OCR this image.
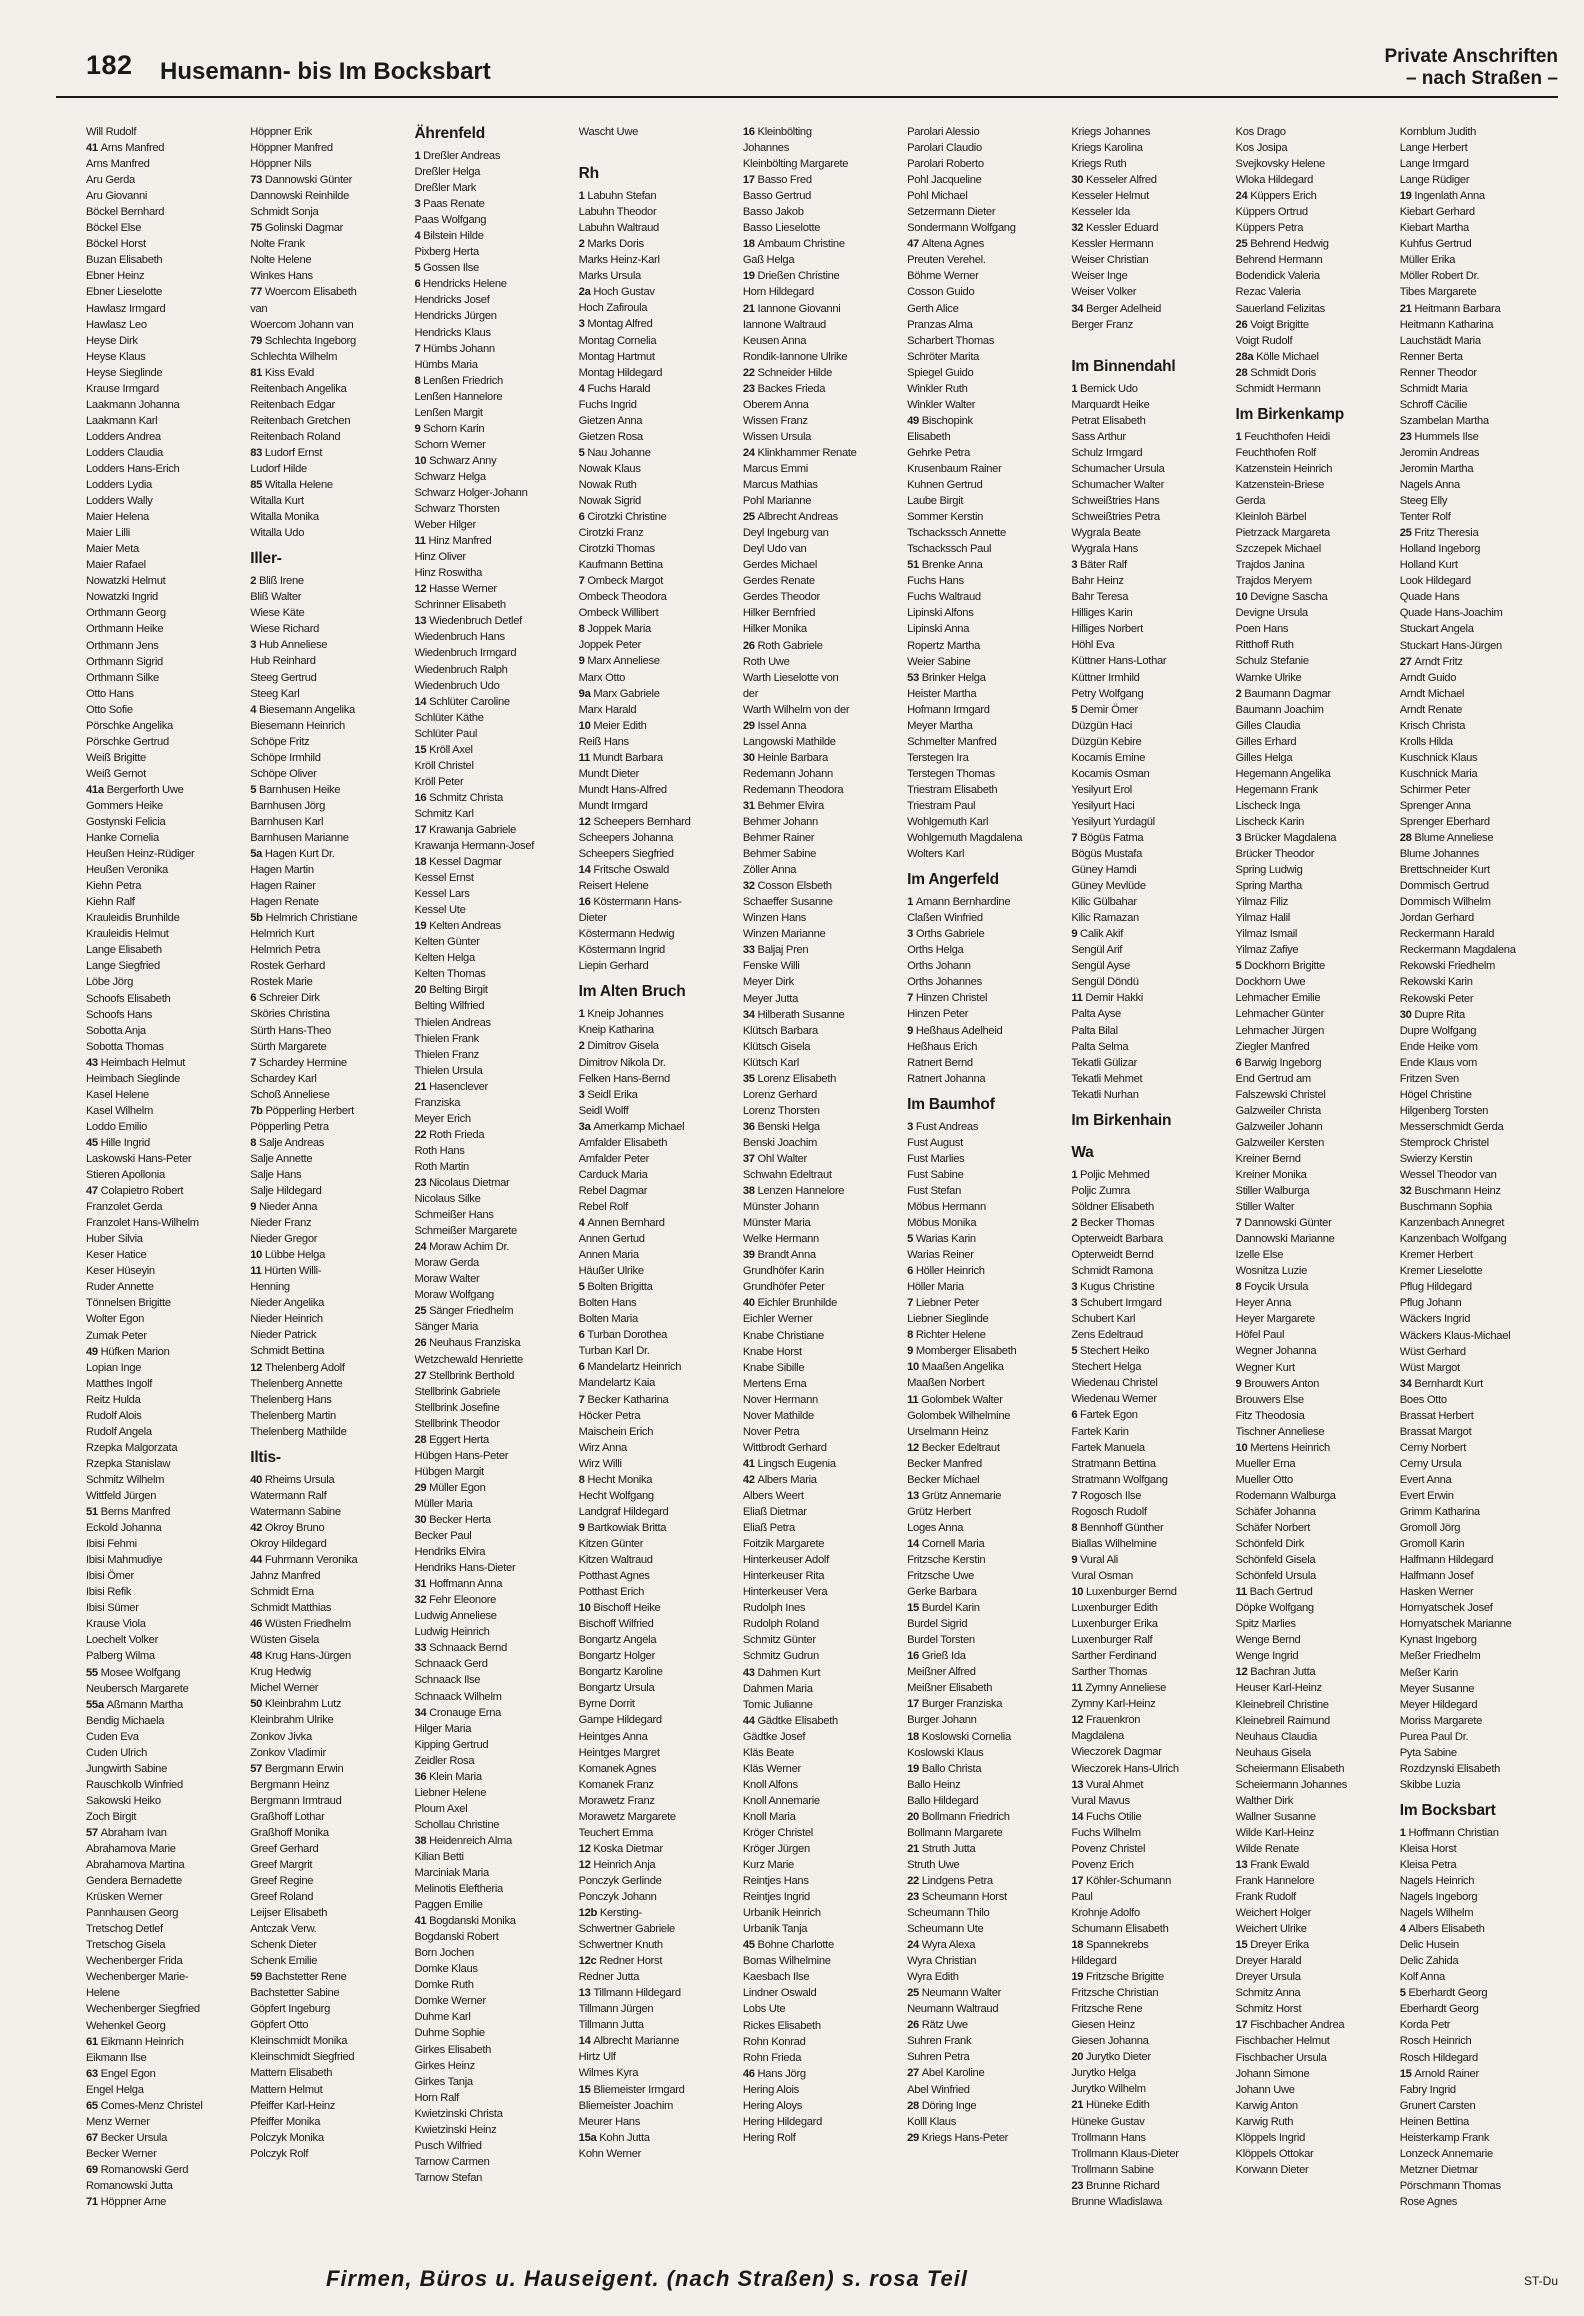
182 Husemann- bis Im Bocksbart
Private Anschriften
– nach Straßen –
Will Rudolf
41 Arns Manfred
Arns Manfred
Aru Gerda
Aru Giovanni
Böckel Bernhard
Böckel Else
Böckel Horst
Buzan Elisabeth
Ebner Heinz
Ebner Lieselotte
Hawlasz Irmgard
Hawlasz Leo
Heyse Dirk
Heyse Klaus
Heyse Sieglinde
Krause Irmgard
Laakmann Johanna
Laakmann Karl
Lodders Andrea
Lodders Claudia
Lodders Hans-Erich
Lodders Lydia
Lodders Wally
Maier Helena
Maier Lilli
Maier Meta
Maier Rafael
Nowatzki Helmut
Nowatzki Ingrid
Orthmann Georg
Orthmann Heike
Orthmann Jens
Orthmann Sigrid
Orthmann Silke
Otto Hans
Otto Sofie
Pörschke Angelika
Pörschke Gertrud
Weiß Brigitte
Weiß Gernot
41a Bergerforth Uwe
Gommers Heike
Gostynski Felicia
Hanke Cornelia
Heußen Heinz-Rüdiger
Heußen Veronika
Kiehn Petra
Kiehn Ralf
Krauleidis Brunhilde
Krauleidis Helmut
Lange Elisabeth
Lange Siegfried
Löbe Jörg
Schoofs Elisabeth
Schoofs Hans
Sobotta Anja
Sobotta Thomas
43 Heimbach Helmut
Heimbach Sieglinde
Kasel Helene
Kasel Wilhelm
Loddo Emilio
45 Hille Ingrid
Laskowski Hans-Peter
Stieren Apollonia
47 Colapietro Robert
Franzolet Gerda
Franzolet Hans-Wilhelm
Huber Silvia
Keser Hatice
Keser Hüseyin
Ruder Annette
Tönnelsen Brigitte
Wolter Egon
Zumak Peter
49 Hüfken Marion
Lopian Inge
Matthes Ingolf
Reitz Hulda
Rudolf Alois
Rudolf Angela
Rzepka Malgorzata
Rzepka Stanislaw
Schmitz Wilhelm
Wittfeld Jürgen
51 Berns Manfred
Eckold Johanna
Ibisi Fehmi
Ibisi Mahmudiye
Ibisi Ömer
Ibisi Refik
Ibisi Sümer
Krause Viola
Loechelt Volker
Palberg Wilma
55 Mosee Wolfgang
Neubersch Margarete
55a Aßmann Martha
Bendig Michaela
Cuden Eva
Cuden Ulrich
Jungwirth Sabine
Rauschkolb Winfried
Sakowski Heiko
Zoch Birgit
57 Abraham Ivan
Abrahamova Marie
Abrahamova Martina
Gendera Bernadette
Krüsken Werner
Pannhausen Georg
Tretschog Detlef
Tretschog Gisela
Wechenberger Frida
Wechenberger Marie-
Helene
Wechenberger Siegfried
Wehenkel Georg
61 Eikmann Heinrich
Eikmann Ilse
63 Engel Egon
Engel Helga
65 Comes-Menz Christel
Menz Werner
67 Becker Ursula
Becker Werner
69 Romanowski Gerd
Romanowski Jutta
71 Höppner Arne
Höppner Erik
Höppner Manfred
Höppner Nils
73 Dannowski Günter
Dannowski Reinhilde
Schmidt Sonja
75 Golinski Dagmar
Nolte Frank
Nolte Helene
Winkes Hans
77 Woercom Elisabeth
van
Woercom Johann van
79 Schlechta Ingeborg
Schlechta Wilhelm
81 Kiss Evald
Reitenbach Angelika
Reitenbach Edgar
Reitenbach Gretchen
Reitenbach Roland
83 Ludorf Ernst
Ludorf Hilde
85 Witalla Helene
Witalla Kurt
Witalla Monika
Witalla Udo
Iller-
2 Bliß Irene
Bliß Walter
Wiese Käte
Wiese Richard
3 Hub Anneliese
Hub Reinhard
Steeg Gertrud
Steeg Karl
4 Biesemann Angelika
Biesemann Heinrich
Schöpe Fritz
Schöpe Irmhild
Schöpe Oliver
5 Barnhusen Heike
Barnhusen Jörg
Barnhusen Karl
Barnhusen Marianne
5a Hagen Kurt Dr.
Hagen Martin
Hagen Rainer
Hagen Renate
5b Helmrich Christiane
Helmrich Kurt
Helmrich Petra
Rostek Gerhard
Rostek Marie
6 Schreier Dirk
Sköries Christina
Sürth Hans-Theo
Sürth Margarete
7 Schardey Hermine
Schardey Karl
Schoß Anneliese
7b Pöpperling Herbert
Pöpperling Petra
8 Salje Andreas
Salje Annette
Salje Hans
Salje Hildegard
9 Nieder Anna
Nieder Franz
Nieder Gregor
10 Lübbe Helga
11 Hürten Willi-
Henning
Nieder Angelika
Nieder Heinrich
Nieder Patrick
Schmidt Bettina
12 Thelenberg Adolf
Thelenberg Annette
Thelenberg Hans
Thelenberg Martin
Thelenberg Mathilde
Iltis-
40 Rheims Ursula
Watermann Ralf
Watermann Sabine
42 Okroy Bruno
Okroy Hildegard
44 Fuhrmann Veronika
Jahnz Manfred
Schmidt Erna
Schmidt Matthias
46 Wüsten Friedhelm
Wüsten Gisela
48 Krug Hans-Jürgen
Krug Hedwig
Michel Werner
50 Kleinbrahm Lutz
Kleinbrahm Ulrike
Zonkov Jivka
Zonkov Vladimir
57 Bergmann Erwin
Bergmann Heinz
Bergmann Irmtraud
Graßhoff Lothar
Graßhoff Monika
Greef Gerhard
Greef Margrit
Greef Regine
Greef Roland
Leijser Elisabeth
Antczak Verw.
Schenk Dieter
Schenk Emilie
59 Bachstetter Rene
Bachstetter Sabine
Göpfert Ingeburg
Göpfert Otto
Kleinschmidt Monika
Kleinschmidt Siegfried
Mattern Elisabeth
Mattern Helmut
Pfeiffer Karl-Heinz
Pfeiffer Monika
Polczyk Monika
Polczyk Rolf
Ährenfeld
1 Dreßler Andreas
Dreßler Helga
Dreßler Mark
3 Paas Renate
Paas Wolfgang
4 Bilstein Hilde
Pixberg Herta
5 Gossen Ilse
6 Hendricks Helene
Hendricks Josef
Hendricks Jürgen
Hendricks Klaus
7 Hümbs Johann
Hümbs Maria
8 Lenßen Friedrich
Lenßen Hannelore
Lenßen Margit
9 Schorn Karin
Schorn Werner
10 Schwarz Anny
Schwarz Helga
Schwarz Holger-Johann
Schwarz Thorsten
Weber Hilger
11 Hinz Manfred
Hinz Oliver
Hinz Roswitha
12 Hasse Werner
Schrinner Elisabeth
13 Wiedenbruch Detlef
Wiedenbruch Hans
Wiedenbruch Irmgard
Wiedenbruch Ralph
Wiedenbruch Udo
14 Schlüter Caroline
Schlüter Käthe
Schlüter Paul
15 Kröll Axel
Kröll Christel
Kröll Peter
16 Schmitz Christa
Schmitz Karl
17 Krawanja Gabriele
Krawanja Hermann-Josef
18 Kessel Dagmar
Kessel Ernst
Kessel Lars
Kessel Ute
19 Kelten Andreas
Kelten Günter
Kelten Helga
Kelten Thomas
20 Belting Birgit
Belting Wilfried
Thielen Andreas
Thielen Frank
Thielen Franz
Thielen Ursula
21 Hasenclever
Franziska
Meyer Erich
22 Roth Frieda
Roth Hans
Roth Martin
23 Nicolaus Dietmar
Nicolaus Silke
Schmeißer Hans
Schmeißer Margarete
24 Moraw Achim Dr.
Moraw Gerda
Moraw Walter
Moraw Wolfgang
25 Sänger Friedhelm
Sänger Maria
26 Neuhaus Franziska
Wetzchewald Henriette
27 Stellbrink Berthold
Stellbrink Gabriele
Stellbrink Josefine
Stellbrink Theodor
28 Eggert Herta
Hübgen Hans-Peter
Hübgen Margit
29 Müller Egon
Müller Maria
30 Becker Herta
Becker Paul
Hendriks Elvira
Hendriks Hans-Dieter
31 Hoffmann Anna
32 Fehr Eleonore
Ludwig Anneliese
Ludwig Heinrich
33 Schnaack Bernd
Schnaack Gerd
Schnaack Ilse
Schnaack Wilhelm
34 Cronauge Erna
Hilger Maria
Kipping Gertrud
Zeidler Rosa
36 Klein Maria
Liebner Helene
Ploum Axel
Schollau Christine
38 Heidenreich Alma
Kilian Betti
Marciniak Maria
Melinotis Eleftheria
Paggen Emilie
41 Bogdanski Monika
Bogdanski Robert
Born Jochen
Domke Klaus
Domke Ruth
Domke Werner
Duhme Karl
Duhme Sophie
Girkes Elisabeth
Girkes Heinz
Girkes Tanja
Horn Ralf
Kwietzinski Christa
Kwietzinski Heinz
Pusch Wilfried
Tarnow Carmen
Tarnow Stefan
Wascht Uwe

Rh
1 Labuhn Stefan
Labuhn Theodor
Labuhn Waltraud
2 Marks Doris
Marks Heinz-Karl
Marks Ursula
2a Hoch Gustav
Hoch Zafiroula
3 Montag Alfred
Montag Cornelia
Montag Hartmut
Montag Hildegard
4 Fuchs Harald
Fuchs Ingrid
Gietzen Anna
Gietzen Rosa
5 Nau Johanne
Nowak Klaus
Nowak Ruth
Nowak Sigrid
6 Cirotzki Christine
Cirotzki Franz
Cirotzki Thomas
Kaufmann Bettina
7 Ombeck Margot
Ombeck Theodora
Ombeck Willibert
8 Joppek Maria
Joppek Peter
9 Marx Anneliese
Marx Otto
9a Marx Gabriele
Marx Harald
10 Meier Edith
Reiß Hans
11 Mundt Barbara
Mundt Dieter
Mundt Hans-Alfred
Mundt Irmgard
12 Scheepers Bernhard
Scheepers Johanna
Scheepers Siegfried
14 Fritsche Oswald
Reisert Helene
16 Köstermann Hans-
Dieter
Köstermann Hedwig
Köstermann Ingrid
Liepin Gerhard
Im Alten Bruch
1 Kneip Johannes
Kneip Katharina
2 Dimitrov Gisela
Dimitrov Nikola Dr.
Felken Hans-Bernd
3 Seidl Erika
Seidl Wolff
3a Amerkamp Michael
Amfalder Elisabeth
Amfalder Peter
Carduck Maria
Rebel Dagmar
Rebel Rolf
4 Annen Bernhard
Annen Gertud
Annen Maria
Häußer Ulrike
5 Bolten Brigitta
Bolten Hans
Bolten Maria
6 Turban Dorothea
Turban Karl Dr.
6 Mandelartz Heinrich
Mandelartz Kaia
7 Becker Katharina
Höcker Petra
Maischein Erich
Wirz Anna
Wirz Willi
8 Hecht Monika
Hecht Wolfgang
Landgraf Hildegard
9 Bartkowiak Britta
Kitzen Günter
Kitzen Waltraud
Potthast Agnes
Potthast Erich
10 Bischoff Heike
Bischoff Wilfried
Bongartz Angela
Bongartz Holger
Bongartz Karoline
Bongartz Ursula
Byrne Dorrit
Gampe Hildegard
Heintges Anna
Heintges Margret
Komanek Agnes
Komanek Franz
Morawetz Franz
Morawetz Margarete
Teuchert Emma
12 Koska Dietmar
12 Heinrich Anja
Ponczyk Gerlinde
Ponczyk Johann
12b Kersting-
Schwertner Gabriele
Schwertner Knuth
12c Redner Horst
Redner Jutta
13 Tillmann Hildegard
Tillmann Jürgen
Tillmann Jutta
14 Albrecht Marianne
Hirtz Ulf
Wilmes Kyra
15 Bliemeister Irmgard
Bliemeister Joachim
Meurer Hans
15a Kohn Jutta
Kohn Werner
16 Kleinbölting
Johannes
Kleinbölting Margarete
17 Basso Fred
Basso Gertrud
Basso Jakob
Basso Lieselotte
18 Ambaum Christine
Gaß Helga
19 Drießen Christine
Horn Hildegard
21 Iannone Giovanni
Iannone Waltraud
Keusen Anna
Rondik-Iannone Ulrike
22 Schneider Hilde
23 Backes Frieda
Oberem Anna
Wissen Franz
Wissen Ursula
24 Klinkhammer Renate
Marcus Emmi
Marcus Mathias
Pohl Marianne
25 Albrecht Andreas
Deyl Ingeburg van
Deyl Udo van
Gerdes Michael
Gerdes Renate
Gerdes Theodor
Hilker Bernfried
Hilker Monika
26 Roth Gabriele
Roth Uwe
Warth Lieselotte von
der
Warth Wilhelm von der
29 Issel Anna
Langowski Mathilde
30 Heinle Barbara
Redemann Johann
Redemann Theodora
31 Behmer Elvira
Behmer Johann
Behmer Rainer
Behmer Sabine
Zöller Anna
32 Cosson Elsbeth
Schaeffer Susanne
Winzen Hans
Winzen Marianne
33 Baljaj Pren
Fenske Willi
Meyer Dirk
Meyer Jutta
34 Hilberath Susanne
Klütsch Barbara
Klütsch Gisela
Klütsch Karl
35 Lorenz Elisabeth
Lorenz Gerhard
Lorenz Thorsten
36 Benski Helga
Benski Joachim
37 Ohl Walter
Schwahn Edeltraut
38 Lenzen Hannelore
Münster Johann
Münster Maria
Welke Hermann
39 Brandt Anna
Grundhöfer Karin
Grundhöfer Peter
40 Eichler Brunhilde
Eichler Werner
Knabe Christiane
Knabe Horst
Knabe Sibille
Mertens Erna
Nover Hermann
Nover Mathilde
Nover Petra
Wittbrodt Gerhard
41 Lingsch Eugenia
42 Albers Maria
Albers Weert
Eliaß Dietmar
Eliaß Petra
Foitzik Margarete
Hinterkeuser Adolf
Hinterkeuser Rita
Hinterkeuser Vera
Rudolph Ines
Rudolph Roland
Schmitz Günter
Schmitz Gudrun
43 Dahmen Kurt
Dahmen Maria
Tomic Julianne
44 Gädtke Elisabeth
Gädtke Josef
Kläs Beate
Kläs Werner
Knoll Alfons
Knoll Annemarie
Knoll Maria
Kröger Christel
Kröger Jürgen
Kurz Marie
Reintjes Hans
Reintjes Ingrid
Urbanik Heinrich
Urbanik Tanja
45 Bohne Charlotte
Bomas Wilhelmine
Kaesbach Ilse
Lindner Oswald
Lobs Ute
Rickes Elisabeth
Rohn Konrad
Rohn Frieda
46 Hans Jörg
Hering Alois
Hering Aloys
Hering Hildegard
Hering Rolf
Parolari Alessio
Parolari Claudio
Parolari Roberto
Pohl Jacqueline
Pohl Michael
Setzermann Dieter
Sondermann Wolfgang
47 Altena Agnes
Preuten Verehel.
Böhme Werner
Cosson Guido
Gerth Alice
Pranzas Alma
Scharbert Thomas
Schröter Marita
Spiegel Guido
Winkler Ruth
Winkler Walter
49 Bischopink
Elisabeth
Gehrke Petra
Krusenbaum Rainer
Kuhnen Gertrud
Laube Birgit
Sommer Kerstin
Tschackssch Annette
Tschackssch Paul
51 Brenke Anna
Fuchs Hans
Fuchs Waltraud
Lipinski Alfons
Lipinski Anna
Ropertz Martha
Weier Sabine
53 Brinker Helga
Heister Martha
Hofmann Irmgard
Meyer Martha
Schmelter Manfred
Terstegen Ira
Terstegen Thomas
Triestram Elisabeth
Triestram Paul
Wohlgemuth Karl
Wohlgemuth Magdalena
Wolters Karl
Im Angerfeld
1 Amann Bernhardine
Claßen Winfried
3 Orths Gabriele
Orths Helga
Orths Johann
Orths Johannes
7 Hinzen Christel
Hinzen Peter
9 Heßhaus Adelheid
Heßhaus Erich
Ratnert Bernd
Ratnert Johanna
Im Baumhof
3 Fust Andreas
Fust August
Fust Marlies
Fust Sabine
Fust Stefan
Möbus Hermann
Möbus Monika
5 Warias Karin
Warias Reiner
6 Höller Heinrich
Höller Maria
7 Liebner Peter
Liebner Sieglinde
8 Richter Helene
9 Momberger Elisabeth
10 Maaßen Angelika
Maaßen Norbert
11 Golombek Walter
Golombek Wilhelmine
Urselmann Heinz
12 Becker Edeltraut
Becker Manfred
Becker Michael
13 Grütz Annemarie
Grütz Herbert
Loges Anna
14 Cornell Maria
Fritzsche Kerstin
Fritzsche Uwe
Gerke Barbara
15 Burdel Karin
Burdel Sigrid
Burdel Torsten
16 Grieß Ida
Meißner Alfred
Meißner Elisabeth
17 Burger Franziska
Burger Johann
18 Koslowski Cornelia
Koslowski Klaus
19 Ballo Christa
Ballo Heinz
Ballo Hildegard
20 Bollmann Friedrich
Bollmann Margarete
21 Struth Jutta
Struth Uwe
22 Lindgens Petra
23 Scheumann Horst
Scheumann Thilo
Scheumann Ute
24 Wyra Alexa
Wyra Christian
Wyra Edith
25 Neumann Walter
Neumann Waltraud
26 Rätz Uwe
Suhren Frank
Suhren Petra
27 Abel Karoline
Abel Winfried
28 Döring Inge
Kolll Klaus
29 Kriegs Hans-Peter
Kriegs Johannes
Kriegs Karolina
Kriegs Ruth
30 Kesseler Alfred
Kesseler Helmut
Kesseler Ida
32 Kessler Eduard
Kessler Hermann
Weiser Christian
Weiser Inge
Weiser Volker
34 Berger Adelheid
Berger Franz

Im Binnendahl
1 Bernick Udo
Marquardt Heike
Petrat Elisabeth
Sass Arthur
Schulz Irmgard
Schumacher Ursula
Schumacher Walter
Schweißtries Hans
Schweißtries Petra
Wygrala Beate
Wygrala Hans
3 Bäter Ralf
Bahr Heinz
Bahr Teresa
Hilliges Karin
Hilliges Norbert
Höhl Eva
Küttner Hans-Lothar
Küttner Irmhild
Petry Wolfgang
5 Demir Ömer
Düzgün Haci
Düzgün Kebire
Kocamis Emine
Kocamis Osman
Yesilyurt Erol
Yesilyurt Haci
Yesilyurt Yurdagül
7 Bögüs Fatma
Bögüs Mustafa
Güney Hamdi
Güney Mevlüde
Kilic Gülbahar
Kilic Ramazan
9 Calik Akif
Sengül Arif
Sengül Ayse
Sengül Döndü
11 Demir Hakki
Palta Ayse
Palta Bilal
Palta Selma
Tekatli Gülizar
Tekatli Mehmet
Tekatli Nurhan
Im Birkenhain
Wa
1 Poljic Mehmed
Poljic Zumra
Söldner Elisabeth
2 Becker Thomas
Opterweidt Barbara
Opterweidt Bernd
Schmidt Ramona
3 Kugus Christine
3 Schubert Irmgard
Schubert Karl
Zens Edeltraud
5 Stechert Heiko
Stechert Helga
Wiedenau Christel
Wiedenau Werner
6 Fartek Egon
Fartek Karin
Fartek Manuela
Stratmann Bettina
Stratmann Wolfgang
7 Rogosch Ilse
Rogosch Rudolf
8 Bennhoff Günther
Biallas Wilhelmine
9 Vural Ali
Vural Osman
10 Luxenburger Bernd
Luxenburger Edith
Luxenburger Erika
Luxenburger Ralf
Sarther Ferdinand
Sarther Thomas
11 Zymny Anneliese
Zymny Karl-Heinz
12 Frauenkron
Magdalena
Wieczorek Dagmar
Wieczorek Hans-Ulrich
13 Vural Ahmet
Vural Mavus
14 Fuchs Otilie
Fuchs Wilhelm
Povenz Christel
Povenz Erich
17 Köhler-Schumann
Paul
Krohnje Adolfo
Schumann Elisabeth
18 Spannekrebs
Hildegard
19 Fritzsche Brigitte
Fritzsche Christian
Fritzsche Rene
Giesen Heinz
Giesen Johanna
20 Jurytko Dieter
Jurytko Helga
Jurytko Wilhelm
21 Hüneke Edith
Hüneke Gustav
Trollmann Hans
Trollmann Klaus-Dieter
Trollmann Sabine
23 Brunne Richard
Brunne Wladislawa
Kos Drago
Kos Josipa
Svejkovsky Helene
Wloka Hildegard
24 Küppers Erich
Küppers Ortrud
Küppers Petra
25 Behrend Hedwig
Behrend Hermann
Bodendick Valeria
Rezac Valeria
Sauerland Felizitas
26 Voigt Brigitte
Voigt Rudolf
28a Kölle Michael
28 Schmidt Doris
Schmidt Hermann
Im Birkenkamp
1 Feuchthofen Heidi
Feuchthofen Rolf
Katzenstein Heinrich
Katzenstein-Briese
Gerda
Kleinloh Bärbel
Pietrzack Margareta
Szczepek Michael
Trajdos Janina
Trajdos Meryem
10 Devigne Sascha
Devigne Ursula
Poen Hans
Ritthoff Ruth
Schulz Stefanie
Warnke Ulrike
2 Baumann Dagmar
Baumann Joachim
Gilles Claudia
Gilles Erhard
Gilles Helga
Hegemann Angelika
Hegemann Frank
Lischeck Inga
Lischeck Karin
3 Brücker Magdalena
Brücker Theodor
Spring Ludwig
Spring Martha
Yilmaz Filiz
Yilmaz Halil
Yilmaz Ismail
Yilmaz Zafiye
5 Dockhorn Brigitte
Dockhorn Uwe
Lehmacher Emilie
Lehmacher Günter
Lehmacher Jürgen
Ziegler Manfred
6 Barwig Ingeborg
End Gertrud am
Falszewski Christel
Galzweiler Christa
Galzweiler Johann
Galzweiler Kersten
Kreiner Bernd
Kreiner Monika
Stiller Walburga
Stiller Walter
7 Dannowski Günter
Dannowski Marianne
Izelle Else
Wosnitza Luzie
8 Foycik Ursula
Heyer Anna
Heyer Margarete
Höfel Paul
Wegner Johanna
Wegner Kurt
9 Brouwers Anton
Brouwers Else
Fitz Theodosia
Tischner Anneliese
10 Mertens Heinrich
Mueller Erna
Mueller Otto
Rodemann Walburga
Schäfer Johanna
Schäfer Norbert
Schönfeld Dirk
Schönfeld Gisela
Schönfeld Ursula
11 Bach Gertrud
Döpke Wolfgang
Spitz Marlies
Wenge Bernd
Wenge Ingrid
12 Bachran Jutta
Heuser Karl-Heinz
Kleinebreil Christine
Kleinebreil Raimund
Neuhaus Claudia
Neuhaus Gisela
Scheiermann Elisabeth
Scheiermann Johannes
Walther Dirk
Wallner Susanne
Wilde Karl-Heinz
Wilde Renate
13 Frank Ewald
Frank Hannelore
Frank Rudolf
Weichert Holger
Weichert Ulrike
15 Dreyer Erika
Dreyer Harald
Dreyer Ursula
Schmitz Anna
Schmitz Horst
17 Fischbacher Andrea
Fischbacher Helmut
Fischbacher Ursula
Johann Simone
Johann Uwe
Karwig Anton
Karwig Ruth
Klöppels Ingrid
Klöppels Ottokar
Korwann Dieter
Kornblum Judith
Lange Herbert
Lange Irmgard
Lange Rüdiger
19 Ingenlath Anna
Kiebart Gerhard
Kiebart Martha
Kuhfus Gertrud
Müller Erika
Möller Robert Dr.
Tibes Margarete
21 Heitmann Barbara
Heitmann Katharina
Lauchstädt Maria
Renner Berta
Renner Theodor
Schmidt Maria
Schroff Cäcilie
Szambelan Martha
23 Hummels Ilse
Jeromin Andreas
Jeromin Martha
Nagels Anna
Steeg Elly
Tenter Rolf
25 Fritz Theresia
Holland Ingeborg
Holland Kurt
Look Hildegard
Quade Hans
Quade Hans-Joachim
Stuckart Angela
Stuckart Hans-Jürgen
27 Arndt Fritz
Arndt Guido
Arndt Michael
Arndt Renate
Krisch Christa
Krolls Hilda
Kuschnick Klaus
Kuschnick Maria
Schirmer Peter
Sprenger Anna
Sprenger Eberhard
28 Blume Anneliese
Blume Johannes
Brettschneider Kurt
Dommisch Gertrud
Dommisch Wilhelm
Jordan Gerhard
Reckermann Harald
Reckermann Magdalena
Rekowski Friedhelm
Rekowski Karin
Rekowski Peter
30 Dupre Rita
Dupre Wolfgang
Ende Heike vom
Ende Klaus vom
Fritzen Sven
Högel Christine
Hilgenberg Torsten
Messerschmidt Gerda
Stemprock Christel
Swierzy Kerstin
Wessel Theodor van
32 Buschmann Heinz
Buschmann Sophia
Kanzenbach Annegret
Kanzenbach Wolfgang
Kremer Herbert
Kremer Lieselotte
Pflug Hildegard
Pflug Johann
Wäckers Ingrid
Wäckers Klaus-Michael
Wüst Gerhard
Wüst Margot
34 Bernhardt Kurt
Boes Otto
Brassat Herbert
Brassat Margot
Cerny Norbert
Cerny Ursula
Evert Anna
Evert Erwin
Grimm Katharina
Gromoll Jörg
Gromoll Karin
Halfmann Hildegard
Halfmann Josef
Hasken Werner
Hornyatschek Josef
Hornyatschek Marianne
Kynast Ingeborg
Meßer Friedhelm
Meßer Karin
Meyer Susanne
Meyer Hildegard
Moriss Margarete
Purea Paul Dr.
Pyta Sabine
Rozdzynski Elisabeth
Skibbe Luzia
Im Bocksbart
1 Hoffmann Christian
Kleisa Horst
Kleisa Petra
Nagels Heinrich
Nagels Ingeborg
Nagels Wilhelm
4 Albers Elisabeth
Delic Husein
Delic Zahida
Kolf Anna
5 Eberhardt Georg
Eberhardt Georg
Korda Petr
Rosch Heinrich
Rosch Hildegard
15 Arnold Rainer
Fabry Ingrid
Grunert Carsten
Heinen Bettina
Heisterkamp Frank
Lonzeck Annemarie
Metzner Dietmar
Pörschmann Thomas
Rose Agnes
Firmen, Büros u. Hauseigent. (nach Straßen) s. rosa Teil	ST-Du
